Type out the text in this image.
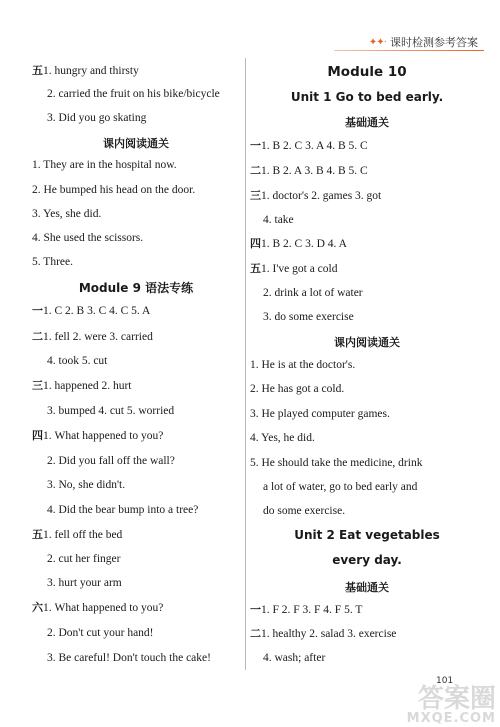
✦✦· 课时检测参考答案
五1. hungry and thirsty
2. carried the fruit on his bike/bicycle
3. Did you go skating
课内阅读通关
1. They are in the hospital now.
2. He bumped his head on the door.
3. Yes, she did.
4. She used the scissors.
5. Three.
Module 9 语法专练
一1. C 2. B 3. C 4. C 5. A
二1. fell 2. were 3. carried
4. took 5. cut
三1. happened 2. hurt
3. bumped 4. cut 5. worried
四1. What happened to you?
2. Did you fall off the wall?
3. No, she didn't.
4. Did the bear bump into a tree?
五1. fell off the bed
2. cut her finger
3. hurt your arm
六1. What happened to you?
2. Don't cut your hand!
3. Be careful! Don't touch the cake!
Module 10
Unit 1 Go to bed early.
基础通关
一1. B 2. C 3. A 4. B 5. C
二1. B 2. A 3. B 4. B 5. C
三1. doctor's 2. games 3. got
4. take
四1. B 2. C 3. D 4. A
五1. I've got a cold
2. drink a lot of water
3. do some exercise
课内阅读通关
1. He is at the doctor's.
2. He has got a cold.
3. He played computer games.
4. Yes, he did.
5. He should take the medicine, drink
a lot of water, go to bed early and
do some exercise.
Unit 2 Eat vegetables
every day.
基础通关
一1. F 2. F 3. F 4. F 5. T
二1. healthy 2. salad 3. exercise
4. wash; after
101
答案圈
MXQE.COM
